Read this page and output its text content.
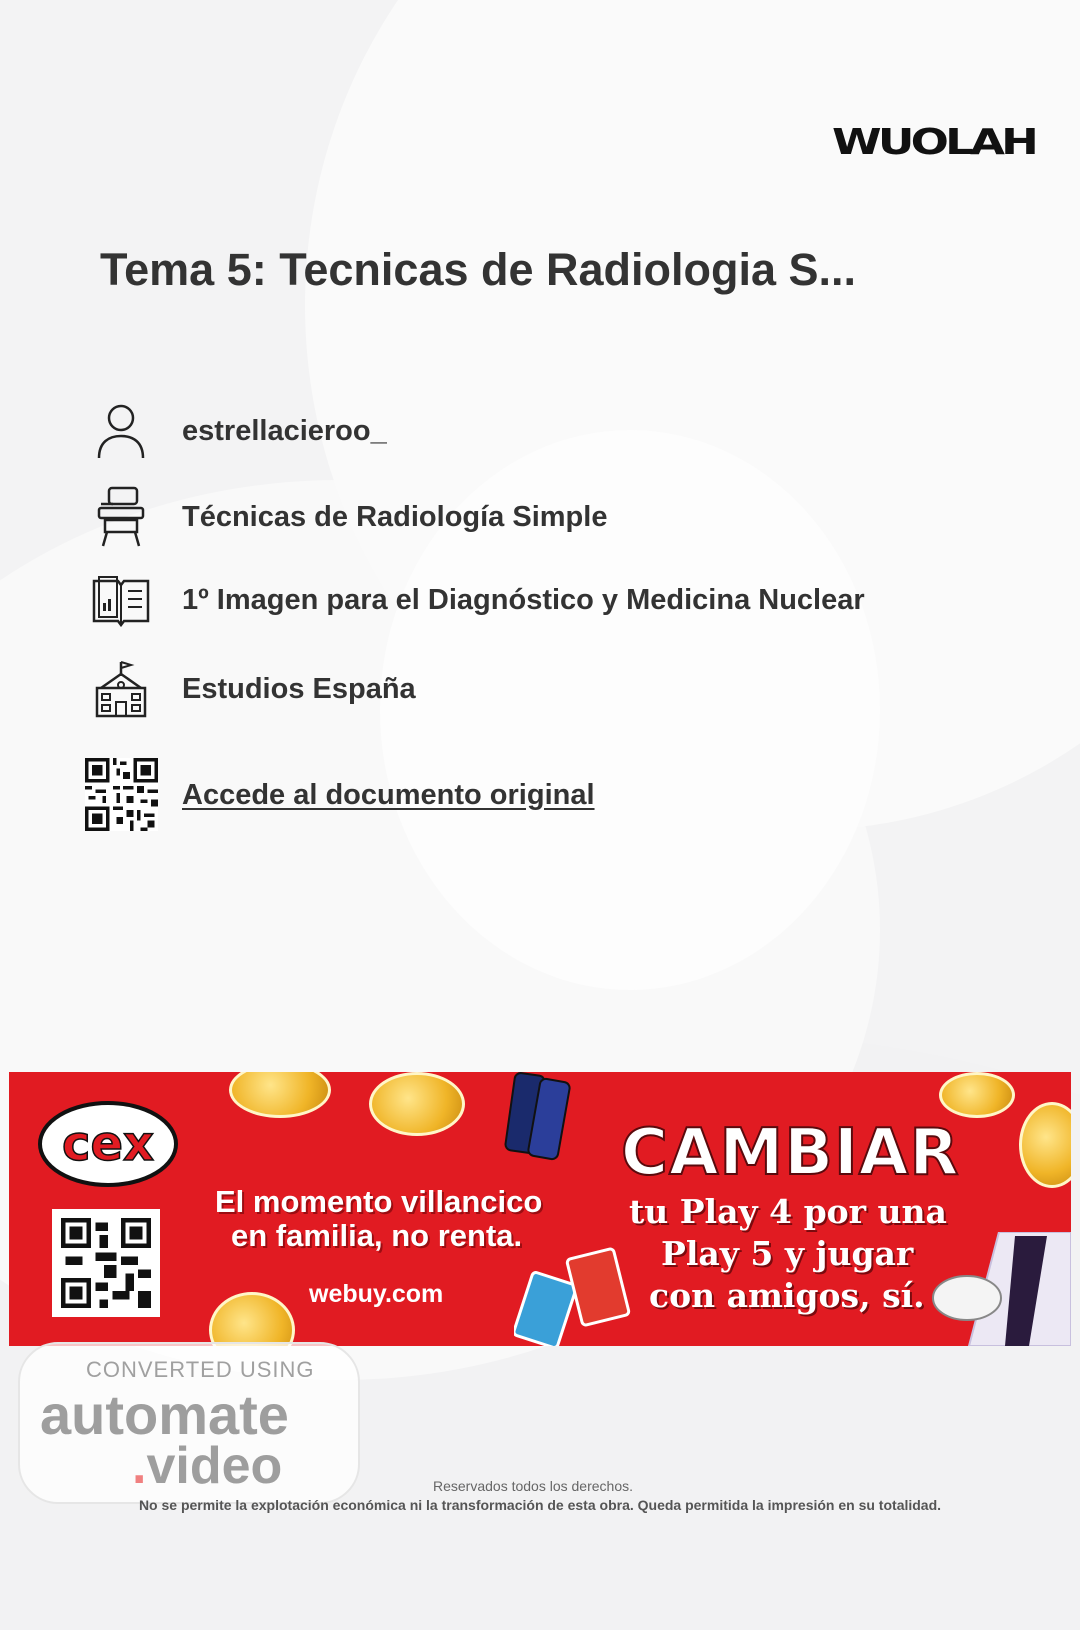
WUOLAH
Tema 5: Tecnicas de Radiologia S...
estrellacieroo_
Técnicas de Radiología Simple
1º Imagen para el Diagnóstico y Medicina Nuclear
Estudios España
Accede al documento original
cex
El momento villancico
en familia, no renta.
webuy.com
CAMBIAR
tu Play 4 por una
Play 5 y jugar
con amigos, sí.
CONVERTED USING
automate
.video	Reservados todos los derechos.
No se permite la explotación económica ni la transformación de esta obra. Queda permitida la impresión en su totalidad.
